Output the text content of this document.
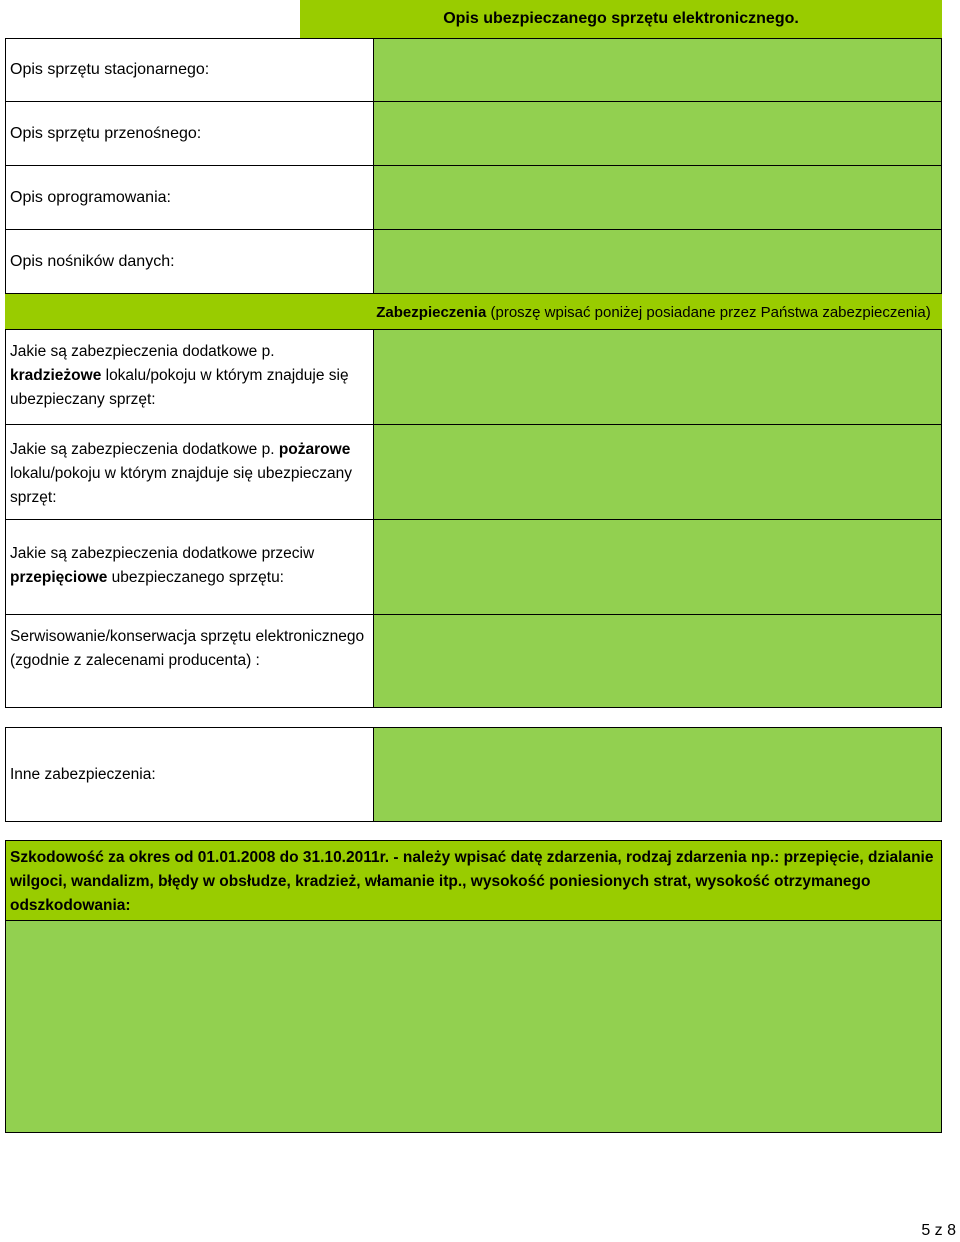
Opis ubezpieczanego sprzętu elektronicznego.
Opis sprzętu stacjonarnego:
Opis sprzętu przenośnego:
Opis oprogramowania:
Opis nośników danych:
Zabezpieczenia (proszę wpisać poniżej posiadane przez Państwa zabezpieczenia)
Jakie są zabezpieczenia dodatkowe p. kradzieżowe lokalu/pokoju w którym znajduje się ubezpieczany sprzęt:
Jakie są zabezpieczenia dodatkowe p. pożarowe lokalu/pokoju w którym znajduje się ubezpieczany sprzęt:
Jakie są zabezpieczenia dodatkowe przeciw przepięciowe ubezpieczanego sprzętu:
Serwisowanie/konserwacja sprzętu elektronicznego (zgodnie z zalecenami producenta) :
Inne zabezpieczenia:
Szkodowość za okres od 01.01.2008 do 31.10.2011r. - należy wpisać datę zdarzenia, rodzaj zdarzenia np.: przepięcie, dzialanie wilgoci, wandalizm, błędy w obsłudze, kradzież, włamanie itp., wysokość poniesionych strat, wysokość otrzymanego odszkodowania:
5 z 8
